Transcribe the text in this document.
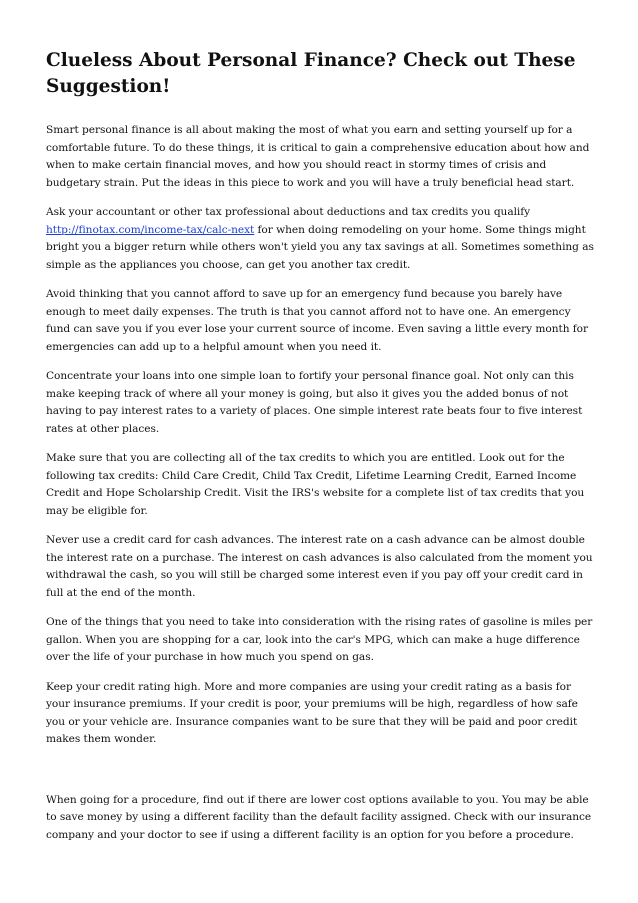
Clueless About Personal Finance? Check out These Suggestion!

Smart personal finance is all about making the most of what you earn and setting yourself up for a comfortable future. To do these things, it is critical to gain a comprehensive education about how and when to make certain financial moves, and how you should react in stormy times of crisis and budgetary strain. Put the ideas in this piece to work and you will have a truly beneficial head start.

Ask your accountant or other tax professional about deductions and tax credits you qualify http://finotax.com/income-tax/calc-next for when doing remodeling on your home. Some things might bright you a bigger return while others won't yield you any tax savings at all. Sometimes something as simple as the appliances you choose, can get you another tax credit.

Avoid thinking that you cannot afford to save up for an emergency fund because you barely have enough to meet daily expenses. The truth is that you cannot afford not to have one. An emergency fund can save you if you ever lose your current source of income. Even saving a little every month for emergencies can add up to a helpful amount when you need it.

Concentrate your loans into one simple loan to fortify your personal finance goal. Not only can this make keeping track of where all your money is going, but also it gives you the added bonus of not having to pay interest rates to a variety of places. One simple interest rate beats four to five interest rates at other places.

Make sure that you are collecting all of the tax credits to which you are entitled. Look out for the following tax credits: Child Care Credit, Child Tax Credit, Lifetime Learning Credit, Earned Income Credit and Hope Scholarship Credit. Visit the IRS's website for a complete list of tax credits that you may be eligible for.

Never use a credit card for cash advances. The interest rate on a cash advance can be almost double the interest rate on a purchase. The interest on cash advances is also calculated from the moment you withdrawal the cash, so you will still be charged some interest even if you pay off your credit card in full at the end of the month.

One of the things that you need to take into consideration with the rising rates of gasoline is miles per gallon. When you are shopping for a car, look into the car's MPG, which can make a huge difference over the life of your purchase in how much you spend on gas.

Keep your credit rating high. More and more companies are using your credit rating as a basis for your insurance premiums. If your credit is poor, your premiums will be high, regardless of how safe you or your vehicle are. Insurance companies want to be sure that they will be paid and poor credit makes them wonder.

When going for a procedure, find out if there are lower cost options available to you. You may be able to save money by using a different facility than the default facility assigned. Check with our insurance company and your doctor to see if using a different facility is an option for you before a procedure.
